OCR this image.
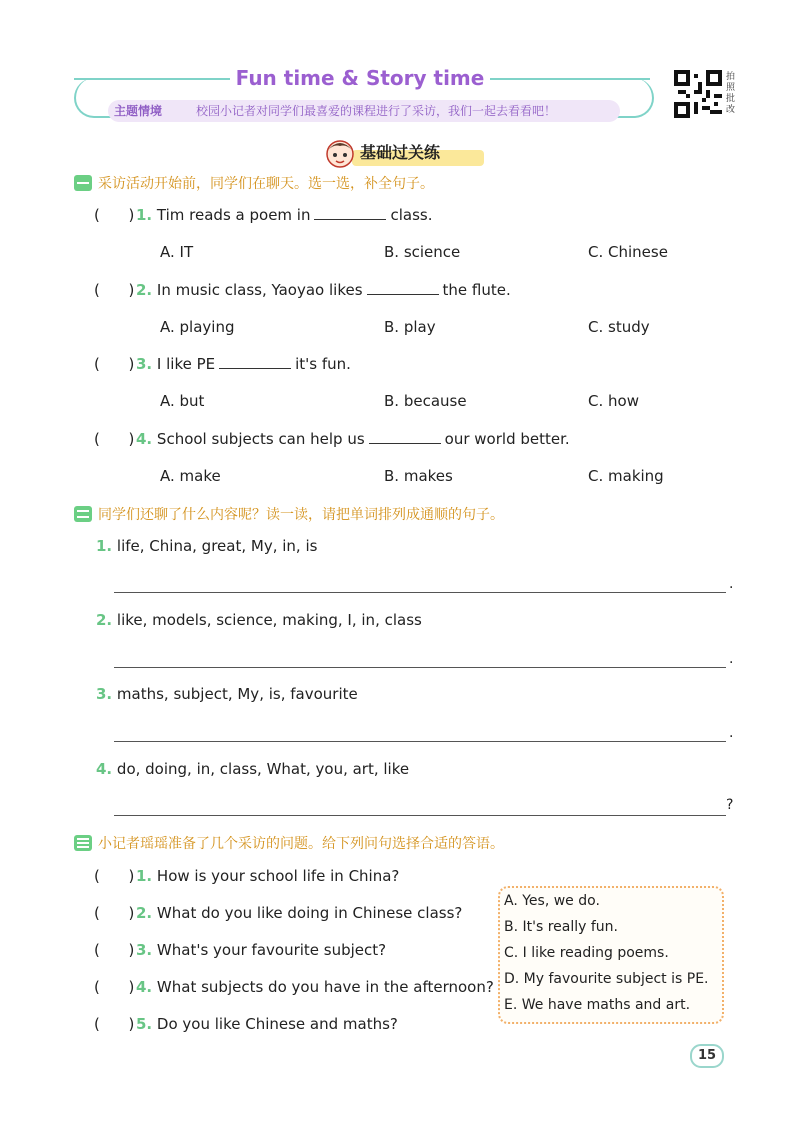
Fun time & Story time
主题情境	校园小记者对同学们最喜爱的课程进行了采访，我们一起去看看吧！
拍照批改
基础过关练
采访活动开始前，同学们在聊天。选一选，补全句子。
(      ) 1. Tim reads a poem in	class.
A. IT	B. science	C. Chinese
(      ) 2. In music class, Yaoyao likes	the flute.
A. playing	B. play	C. study
(      ) 3. I like PE	it's fun.
A. but	B. because	C. how
(      ) 4. School subjects can help us	our world better.
A. make	B. makes	C. making
同学们还聊了什么内容呢？读一读，请把单词排列成通顺的句子。
1. life, China, great, My, in, is
.
2. like, models, science, making, I, in, class
.
3. maths, subject, My, is, favourite
.
4. do, doing, in, class, What, you, art, like
?
小记者瑶瑶准备了几个采访的问题。给下列问句选择合适的答语。
(      ) 1. How is your school life in China?
(      ) 2. What do you like doing in Chinese class?
(      ) 3. What's your favourite subject?
(      ) 4. What subjects do you have in the afternoon?
(      ) 5. Do you like Chinese and maths?
A. Yes, we do.
B. It's really fun.
C. I like reading poems.
D. My favourite subject is PE.
E. We have maths and art.
15
